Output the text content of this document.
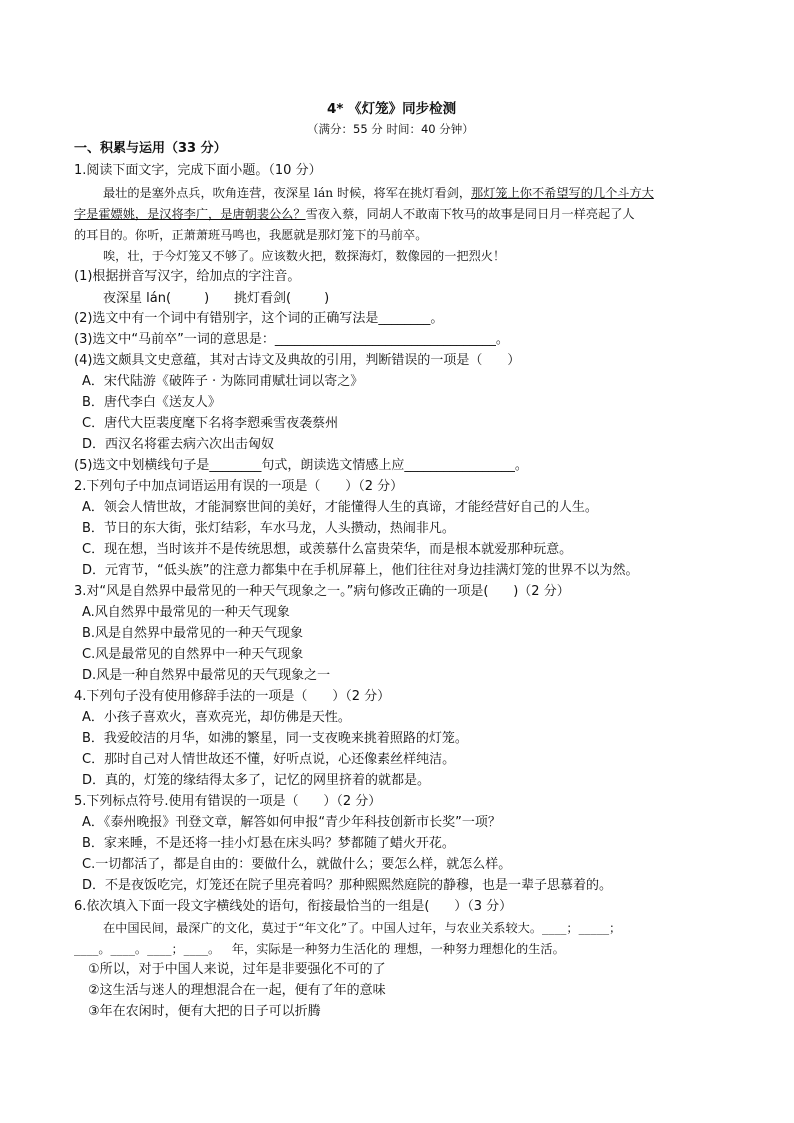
4* 《灯笼》同步检测
（满分：55 分 时间：40 分钟）
一、积累与运用（33 分）
1.阅读下面文字，完成下面小题。（10 分）
最壮的是塞外点兵，吹角连营，夜深星 lán 时候，将军在挑灯看剑，那灯笼上你不希望写的几个斗方大
字是霍嫖姚，是汉将李广，是唐朝裴公么？雪夜入蔡，同胡人不敢南下牧马的故事是同日月一样亮起了人
的耳目的。你听，正萧萧班马鸣也，我愿就是那灯笼下的马前卒。
唉，壮，于今灯笼又不够了。应该数火把，数探海灯，数像园的一把烈火！
(1)根据拼音写汉字，给加点的字注音。
夜深星 lán(        )      挑灯看剑(        )
(2)选文中有一个词中有错别字，这个词的正确写法是________。
(3)选文中“马前卒”一词的意思是：__________________________________。
(4)选文颇具文史意蕴，其对古诗文及典故的引用，判断错误的一项是（      ）
A．宋代陆游《破阵子 · 为陈同甫赋壮词以寄之》
B．唐代李白《送友人》
C．唐代大臣裴度麾下名将李愬乘雪夜袭蔡州
D．西汉名将霍去病六次出击匈奴
(5)选文中划横线句子是________句式，朗读选文情感上应_________________。
2.下列句子中加点词语运用有误的一项是（      ）（2 分）
A．领会人情世故，才能洞察世间的美好，才能懂得人生的真谛，才能经营好自己的人生。
B．节日的东大街，张灯结彩，车水马龙，人头攒动，热闹非凡。
C．现在想，当时该并不是传统思想，或羡慕什么富贵荣华，而是根本就爱那种玩意。
D．元宵节，“低头族”的注意力都集中在手机屏幕上，他们往往对身边挂满灯笼的世界不以为然。
3.对“风是自然界中最常见的一种天气现象之一。”病句修改正确的一项是(      )（2 分）
A.风自然界中最常见的一种天气现象
B.风是自然界中最常见的一种天气现象
C.风是最常见的自然界中一种天气现象
D.风是一种自然界中最常见的天气现象之一
4.下列句子没有使用修辞手法的一项是（      ）（2 分）
A．小孩子喜欢火，喜欢亮光，却仿佛是天性。
B．我爱皎洁的月华，如沸的繁星，同一支夜晚来挑着照路的灯笼。
C．那时自己对人情世故还不懂，好听点说，心还像素丝样纯洁。
D．真的，灯笼的缘结得太多了，记忆的网里挤着的就都是。
5.下列标点符号.使用有错误的一项是（      ）（2 分）
A．《泰州晚报》刊登文章，解答如何申报“青少年科技创新市长奖”一项？
B．家来睡，不是还将一挂小灯悬在床头吗？梦都随了蜡火开花。
C.一切都活了，都是自由的：要做什么，就做什么；要怎么样，就怎么样。
D．不是夜饭吃完，灯笼还在院子里亮着吗？那种熙熙然庭院的静穆，也是一辈子思慕着的。
6.依次填入下面一段文字横线处的语句，衔接最恰当的一组是(      ）（3 分）
在中国民间，最深广的文化，莫过于“年文化”了。中国人过年，与农业关系较大。____；_____；
____。____。____；____。   年，实际是一种努力生活化的 理想，一种努力理想化的生活。
①所以，对于中国人来说，过年是非要强化不可的了
②这生活与迷人的理想混合在一起，便有了年的意味
③年在农闲时，便有大把的日子可以折腾
